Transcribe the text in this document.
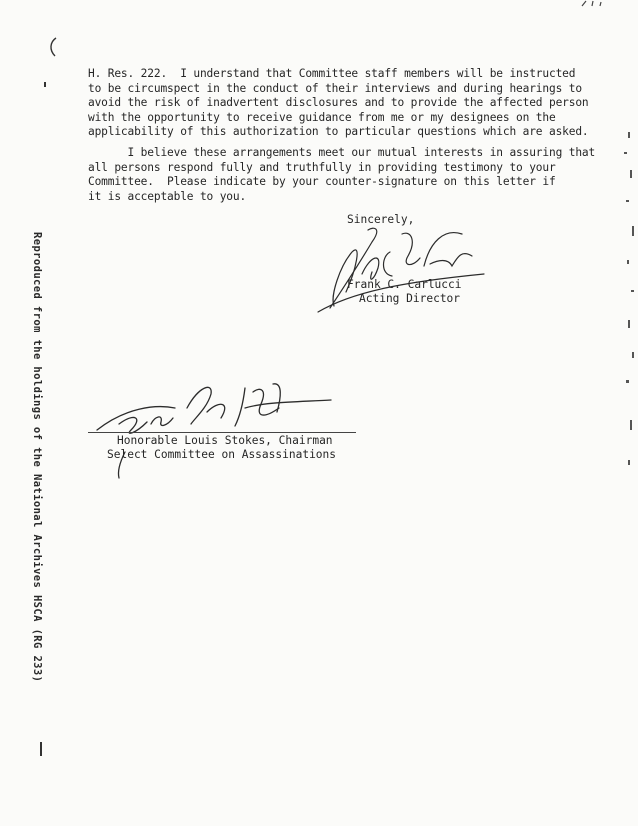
H. Res. 222.  I understand that Committee staff members will be instructed
to be circumspect in the conduct of their interviews and during hearings to
avoid the risk of inadvertent disclosures and to provide the affected person
with the opportunity to receive guidance from me or my designees on the
applicability of this authorization to particular questions which are asked.
I believe these arrangements meet our mutual interests in assuring that
all persons respond fully and truthfully in providing testimony to your
Committee.  Please indicate by your counter-signature on this letter if
it is acceptable to you.
Sincerely,
Frank C. Carlucci
Acting Director
Honorable Louis Stokes, Chairman
Select Committee on Assassinations
Reproduced from the holdings of the National Archives HSCA (RG 233)
